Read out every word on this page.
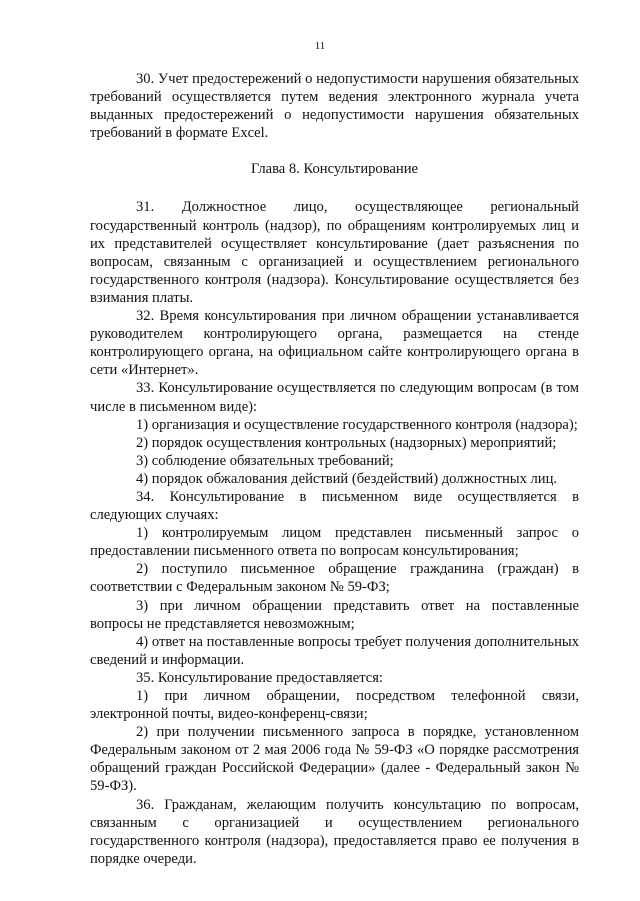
11

30. Учет предостережений о недопустимости нарушения обязательных требований осуществляется путем ведения электронного журнала учета выданных предостережений о недопустимости нарушения обязательных требований в формате Excel.

Глава 8. Консультирование

31. Должностное лицо, осуществляющее региональный государственный контроль (надзор), по обращениям контролируемых лиц и их представителей осуществляет консультирование (дает разъяснения по вопросам, связанным с организацией и осуществлением регионального государственного контроля (надзора). Консультирование осуществляется без взимания платы.

32. Время консультирования при личном обращении устанавливается руководителем контролирующего органа, размещается на стенде контролирующего органа, на официальном сайте контролирующего органа в сети «Интернет».

33. Консультирование осуществляется по следующим вопросам (в том числе в письменном виде):

1) организация и осуществление государственного контроля (надзора);

2) порядок осуществления контрольных (надзорных) мероприятий;

3) соблюдение обязательных требований;

4) порядок обжалования действий (бездействий) должностных лиц.

34. Консультирование в письменном виде осуществляется в следующих случаях:

1) контролируемым лицом представлен письменный запрос о предоставлении письменного ответа по вопросам консультирования;

2) поступило письменное обращение гражданина (граждан) в соответствии с Федеральным законом № 59-ФЗ;

3) при личном обращении представить ответ на поставленные вопросы не представляется невозможным;

4) ответ на поставленные вопросы требует получения дополнительных сведений и информации.

35. Консультирование предоставляется:

1) при личном обращении, посредством телефонной связи, электронной почты, видео-конференц-связи;

2) при получении письменного запроса в порядке, установленном Федеральным законом от 2 мая 2006 года № 59-ФЗ «О порядке рассмотрения обращений граждан Российской Федерации» (далее - Федеральный закон № 59-ФЗ).

36. Гражданам, желающим получить консультацию по вопросам, связанным с организацией и осуществлением регионального государственного контроля (надзора), предоставляется право ее получения в порядке очереди.
